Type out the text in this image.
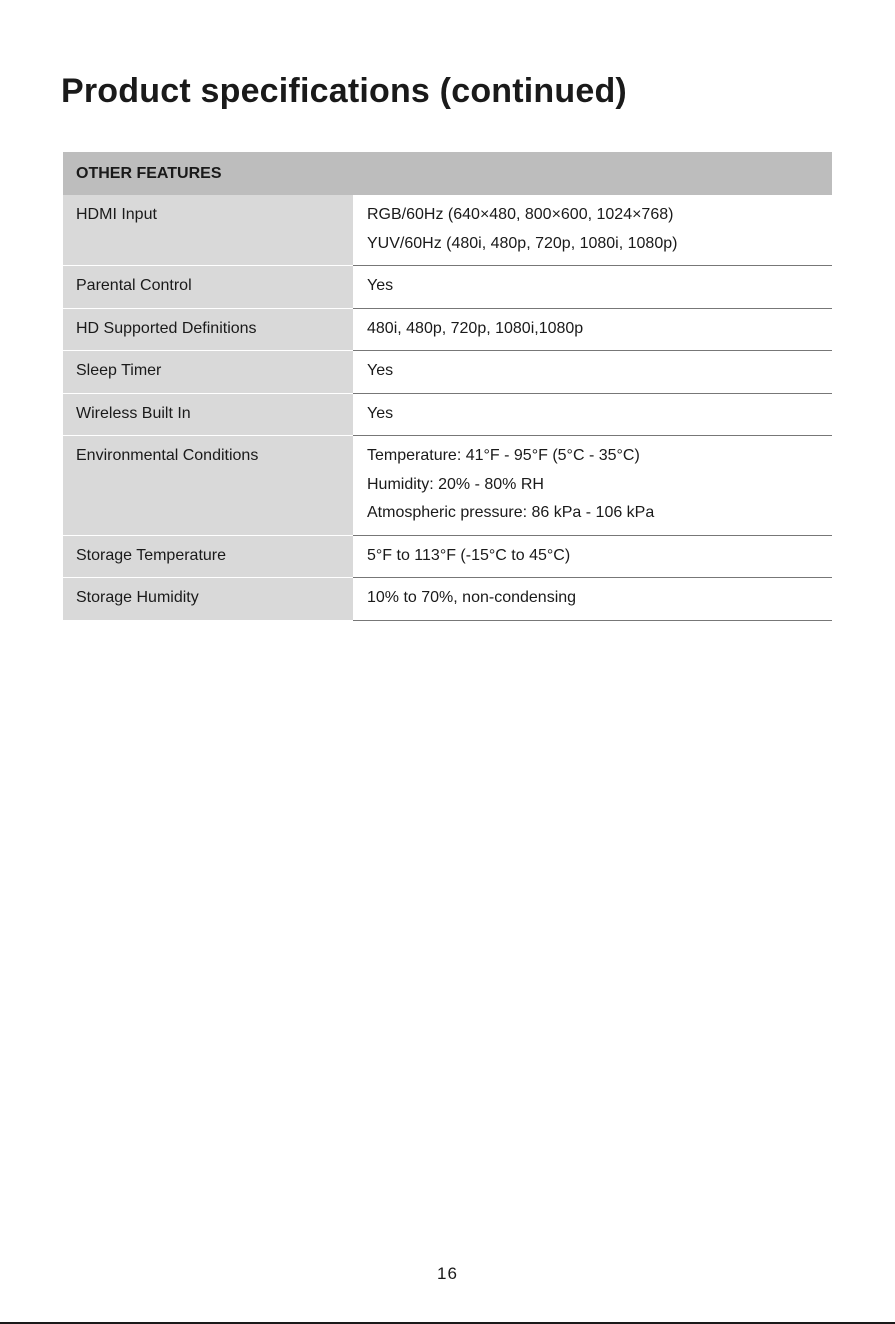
Product specifications (continued)
OTHER FEATURES	
HDMI Input	RGB/60Hz (640×480, 800×600, 1024×768)
YUV/60Hz (480i, 480p, 720p, 1080i, 1080p)

Parental Control	Yes

HD Supported Definitions	480i, 480p, 720p, 1080i,1080p

Sleep Timer	Yes

Wireless Built In	Yes

Environmental Conditions	Temperature: 41°F - 95°F (5°C - 35°C)
Humidity: 20% - 80% RH
Atmospheric pressure: 86 kPa - 106 kPa

Storage Temperature	5°F to 113°F (-15°C to 45°C)

Storage Humidity	10% to 70%, non-condensing
16
